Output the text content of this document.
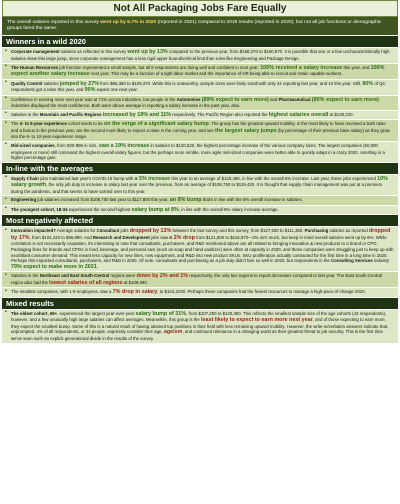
Not All Packaging Jobs Fare Equally
The overall salaries reported in this survey went up by 5.7% in 2020 (reported in 2021) compared to 2019 results (reported in 2020), but not all job functions or demographic groups fared the same.
Winners in a wild 2020
• Corporate management salaries as reflected in this survey went up by 13% compared to the previous year, from $168,370 to $190,970. It is possible that one or a few uncharacteristically high salaries skew this large jump, since corporate management has a less rigid upper bound/vertical limit than roles like Engineering and Package Design.
• The Human Resources job function represented a small sample, but all 8 respondents are doing well and confident in next year: 100% received a salary increase this year, and 100% expect another salary increase next year. This may be a function of a tight labor market and the importance of HR being able to recruit and retain capable workers.
• Quality Control salaries jumped by 27% from $86,350 to $109,370. While this is noteworthy, sample sizes were fairly small with only 24 reporting last year, and 10 this year. Still, 80% of QC respondents got a raise this year, and 90% expect one next year.
• Confidence in earning more next year was at 71% across industries, but people in the Automotive (89% expect to earn more) and Pharmaceutical (80% expect to earn more) industries displayed the most confidence. Both were above average in reporting a salary increase in the past year, also.
• Salaries in the Mountain and Pacific Regions increased by 19% and 11% respectively. The Pacific Region also reported the highest salaries overall at $139,220.
• The 3- to 5-year experience cohort tends to be on the verge of a significant salary bump. The group has the greatest upward mobility, is the most likely to have received a both raise and a bonus in the previous year, are the second most likely to expect a raise in the coming year, and see the largest salary jumps (by percentage of their previous base salary) as they grow into the 6- to 10-year experience range.
• Mid-sized companies, from 500-999 in size, saw a 19% increase in salaries to $120,520, the highest percentage increase of the various company sizes. The largest companies (50,000 employees or more) still command the highest overall salary figures, but the perhaps more nimble, more agile mid-sized companies were better able to quickly adapt in a crazy 2020, resulting in a higher percentage gain.
In-line with the averages
• Supply Chain jobs maintained last year's COVID-19 bump with a 5% increase this year to an average of $125,490, in line with the overall 6% increase. Last year, these jobs experienced 10% salary growth, the only job duty to increase in salary last year over the previous, from an average of $108,750 to $119,420. It is thought that supply chain management was put at a premium during the pandemic, and that seems to have carried over to this year.
• Engineering job salaries increased from $108,700 last year to $117,800 this year, an 8% bump that's in line with the 6% overall increase in salaries.
• The youngest cohort, 18-34 experienced the second-highest salary bump at 8%, in line with the overall 6% salary increase average.
Most negatively affected
• Innovation impacted? Average salaries for Consultant jobs dropped by 13% between the last survey and this survey, from $127,500 to $111,350. Purchasing salaries as reported dropped by 17%, from $104,220 to $86,890. And Research and Development jobs saw a 2% drop from $121,500 to $118,970—2% isn't much, but keep in mind overall salaries went up by 6%. While correlation is not necessarily causation, it's interesting to note that consultants, purchasers, and R&D mentioned above are all related to bringing innovation & new products to a brand or CPG. Packaging lines for brands and CPGs in food, beverage, and personal care (such as soap and hand sanitizer) were often at capacity in 2020, and those companies were struggling just to keep up with exorbitant consumer demand. This meant less capacity for new lines, new equipment, and R&D into new product SKUs. SKU proliferation actually contracted for the first time in a long time in 2020. Perhaps this impacted consultants, purchasers, and R&D in 2020. Of note, consultants and purchasing as a job duty didn't fare so well in 2020, but respondents in the Consulting Services industry 79% expect to make more in 2021.
• Salaries in the Northeast and East South-Central regions were down by 2% and 1% respectively, the only two regions to report decreases compared to last year. The East South-Central region also had the lowest salaries of all regions at $109,690.
• The smallest companies, with 1-9 employees, saw a 7% drop in salary, to $104,2100. Perhaps these companies had the fewest resources to manage a high-pace-of-change 2020.
Mixed results
• The oldest cohort, 65+, experienced the largest year-over-year salary bump of 31%, from $107,250 to $140,350. This reflects the smallest sample size of the age cohorts (43 respondents), however, and a few unusually high large salaries can affect averages. Meanwhile, this group is the least likely to expect to earn more next year, and of those expecting to earn more, they expect the smallest bump. Some of this is a natural result of having attained top positions in their field with less remaining upward mobility. However, the write-in/verbatim answers indicate that, unprompted, 4% of all respondents, or 24 people, expressly consider their age, ageism, and continued relevance in a changing world as their greatest threat to job security. This is the first time we've seen such an explicit generational divide in the results of the survey.
